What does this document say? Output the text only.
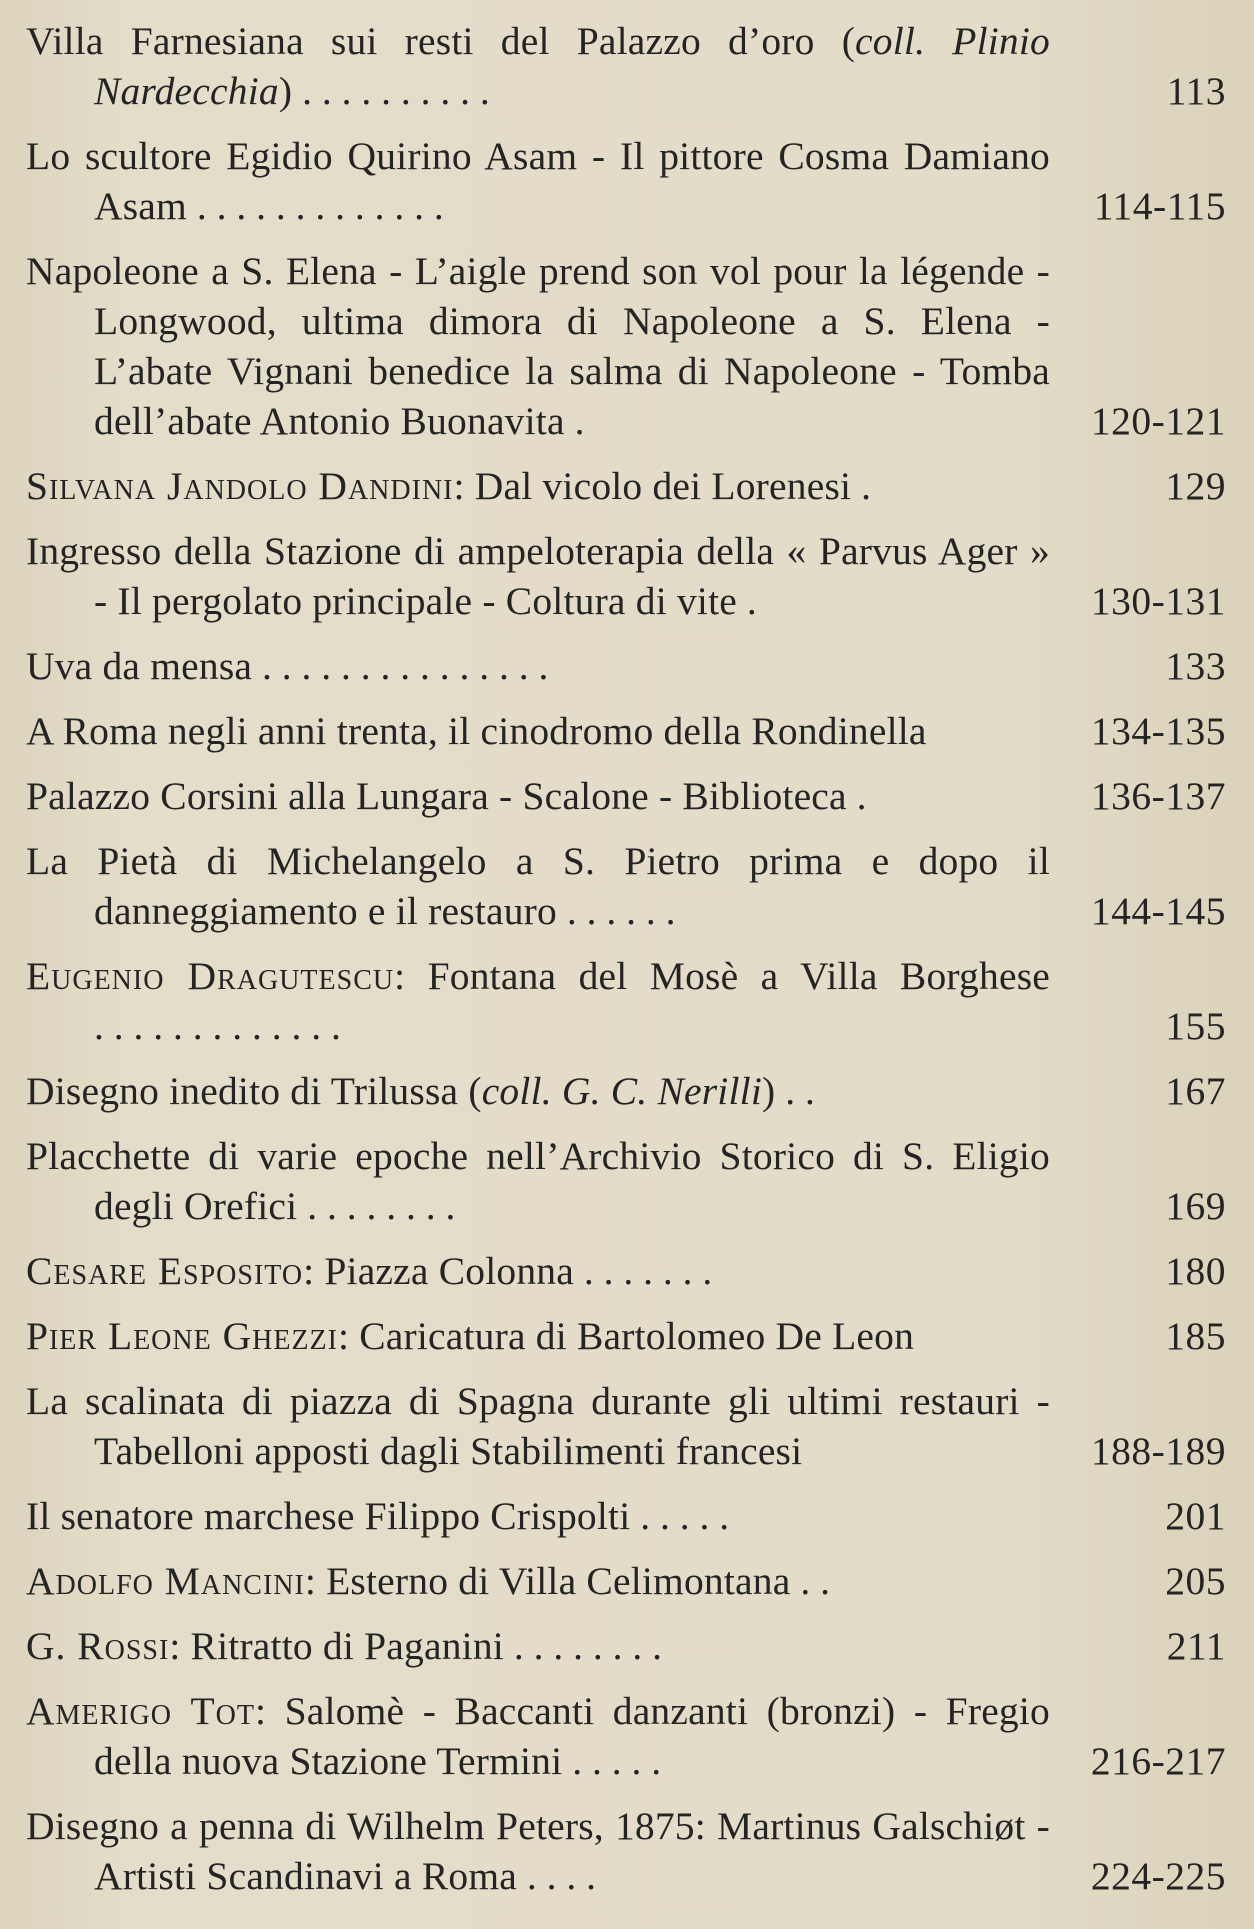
Villa Farnesiana sui resti del Palazzo d’oro (coll. Plinio Nardecchia) . . . . . . . . . .	113
Lo scultore Egidio Quirino Asam - Il pittore Cosma Damiano Asam . . . . . . . . . . . . .	114-115
Napoleone a S. Elena - L’aigle prend son vol pour la légende - Longwood, ultima dimora di Napoleone a S. Elena - L’abate Vignani benedice la salma di Napoleone - Tomba dell’abate Antonio Buonavita .	120-121
Silvana Jandolo Dandini: Dal vicolo dei Lorenesi .	129
Ingresso della Stazione di ampeloterapia della « Parvus Ager » - Il pergolato principale - Coltura di vite .	130-131
Uva da mensa . . . . . . . . . . . . . . .	133
A Roma negli anni trenta, il cinodromo della Rondinella	134-135
Palazzo Corsini alla Lungara - Scalone - Biblioteca .	136-137
La Pietà di Michelangelo a S. Pietro prima e dopo il danneggiamento e il restauro . . . . . .	144-145
Eugenio Dragutescu: Fontana del Mosè a Villa Borghese . . . . . . . . . . . . .	155
Disegno inedito di Trilussa (coll. G. C. Nerilli) . .	167
Placchette di varie epoche nell’Archivio Storico di S. Eligio degli Orefici . . . . . . . .	169
Cesare Esposito: Piazza Colonna . . . . . . .	180
Pier Leone Ghezzi: Caricatura di Bartolomeo De Leon	185
La scalinata di piazza di Spagna durante gli ultimi restauri - Tabelloni apposti dagli Stabilimenti francesi	188-189
Il senatore marchese Filippo Crispolti . . . . .	201
Adolfo Mancini: Esterno di Villa Celimontana . .	205
G. Rossi: Ritratto di Paganini . . . . . . . .	211
Amerigo Tot: Salomè - Baccanti danzanti (bronzi) - Fregio della nuova Stazione Termini . . . . .	216-217
Disegno a penna di Wilhelm Peters, 1875: Martinus Galschiøt - Artisti Scandinavi a Roma . . . .	224-225
